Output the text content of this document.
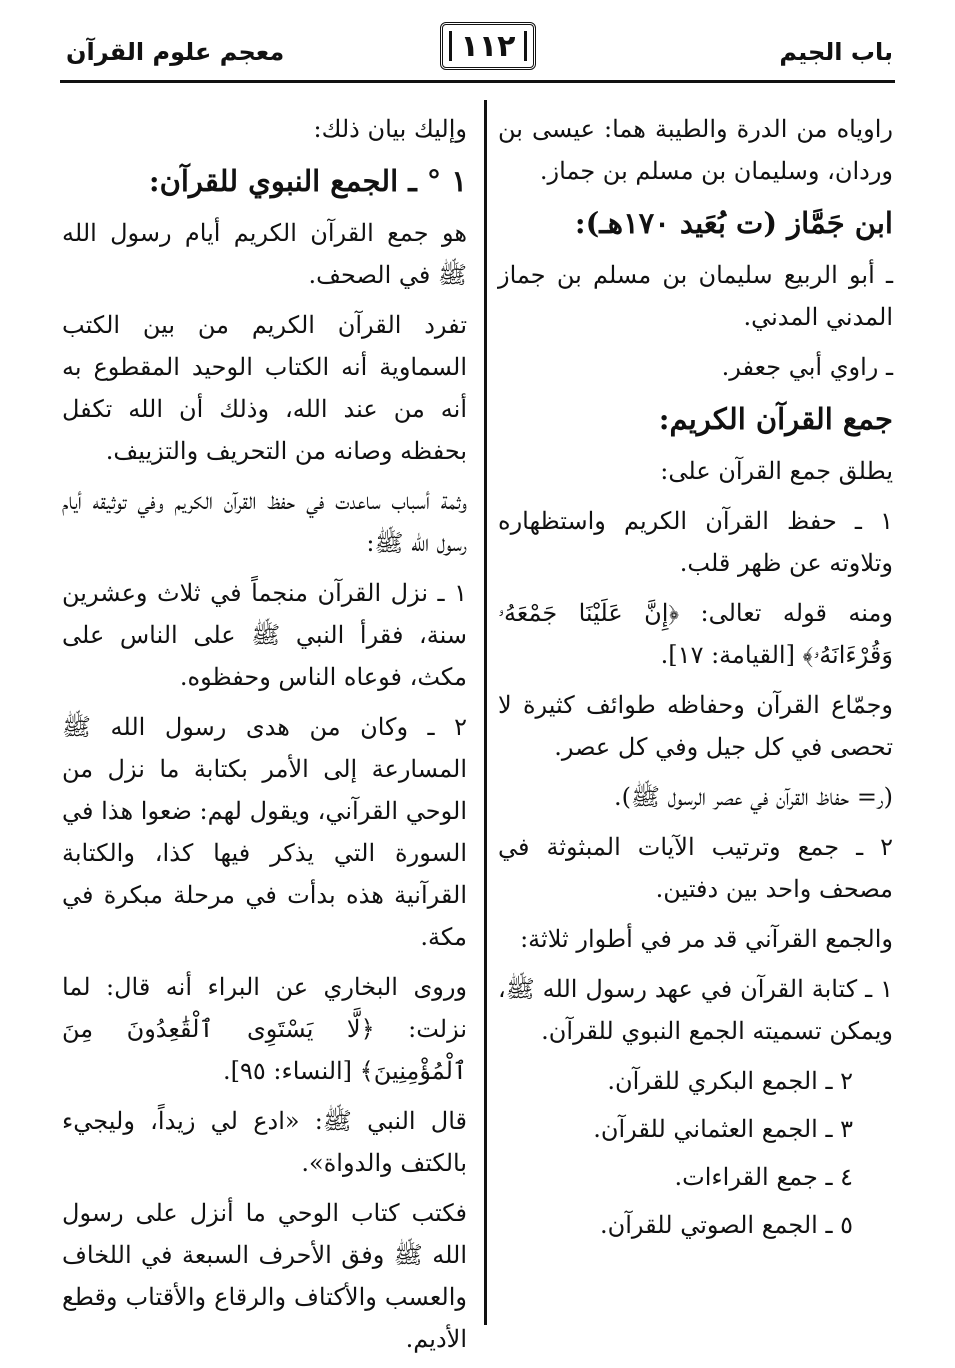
باب الجيم
١١٢
معجم علوم القرآن

راوياه من الدرة والطيبة هما: عيسى بن وردان، وسليمان بن مسلم بن جماز.

ابن جَمَّاز (ت بُعَيد ١٧٠هـ):

ـ أبو الربيع سليمان بن مسلم بن جماز المدني المدني.

ـ راوي أبي جعفر.

جمع القرآن الكريم:

يطلق جمع القرآن على:

١ ـ حفظ القرآن الكريم واستظهاره وتلاوته عن ظهر قلب.

ومنه قوله تعالى: ﴿إِنَّ عَلَيْنَا جَمْعَهُۥ وَقُرْءَانَهُۥ﴾ [القيامة: ١٧].

وجمّاع القرآن وحفاظه طوائف كثيرة لا تحصى في كل جيل وفي كل عصر.

(ر= حفاظ القرآن في عصر الرسول ﷺ).

٢ ـ جمع وترتيب الآيات المبثوثة في مصحف واحد بين دفتين.

والجمع القرآني قد مر في أطوار ثلاثة:

١ ـ كتابة القرآن في عهد رسول الله ﷺ، ويمكن تسميته الجمع النبوي للقرآن.

٢ ـ الجمع البكري للقرآن.
٣ ـ الجمع العثماني للقرآن.
٤ ـ جمع القراءات.
٥ ـ الجمع الصوتي للقرآن.

وإليك بيان ذلك:

١ ° ـ الجمع النبوي للقرآن:

هو جمع القرآن الكريم أيام رسول الله ﷺ في الصحف.

تفرد القرآن الكريم من بين الكتب السماوية أنه الكتاب الوحيد المقطوع به أنه من عند الله، وذلك أن الله تكفل بحفظه وصانه من التحريف والتزييف.

وثمة أسباب ساعدت في حفظ القرآن الكريم وفي توثيقه أيام رسول الله ﷺ:

١ ـ نزل القرآن منجماً في ثلاث وعشرين سنة، فقرأ النبي ﷺ على الناس على مكث، فوعاه الناس وحفظوه.

٢ ـ وكان من هدى رسول الله ﷺ المسارعة إلى الأمر بكتابة ما نزل من الوحي القرآني، ويقول لهم: ضعوا هذا في السورة التي يذكر فيها كذا، والكتابة القرآنية هذه بدأت في مرحلة مبكرة في مكة.

وروى البخاري عن البراء أنه قال: لما نزلت: ﴿لَّا يَسْتَوِى ٱلْقَٰعِدُونَ مِنَ ٱلْمُؤْمِنِينَ﴾ [النساء: ٩٥].

قال النبي ﷺ: «ادع لي زيداً، وليجيء بالكتف والدواة».

فكتب كتاب الوحي ما أنزل على رسول الله ﷺ وفق الأحرف السبعة في اللخاف والعسب والأكتاف والرقاع والأقتاب وقطع الأديم.
